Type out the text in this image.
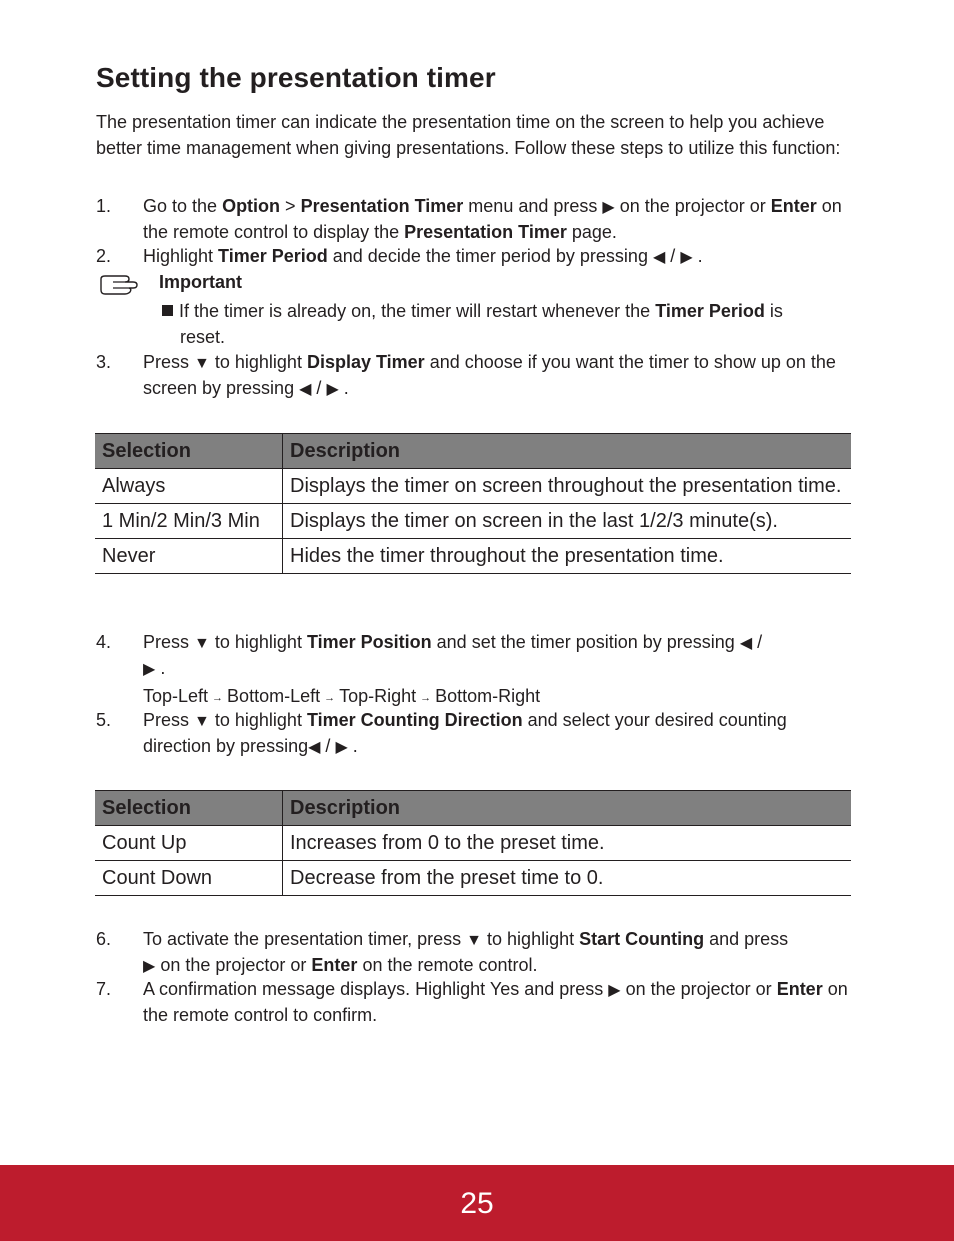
Setting the presentation timer

The presentation timer can indicate the presentation time on the screen to help you achieve better time management when giving presentations. Follow these steps to utilize this function:

1. Go to the Option > Presentation Timer menu and press ▶ on the projector or Enter on the remote control to display the Presentation Timer page.
2. Highlight Timer Period and decide the timer period by pressing ◀ / ▶ .
Important
If the timer is already on, the timer will restart whenever the Timer Period is
reset.
3. Press ▼ to highlight Display Timer and choose if you want the timer to show up on the screen by pressing ◀ / ▶ .
Selection	Description
Always	Displays the timer on screen throughout the presentation time.
1 Min/2 Min/3 Min	Displays the timer on screen in the last 1/2/3 minute(s).
Never	Hides the timer throughout the presentation time.
4. Press ▼ to highlight Timer Position and set the timer position by pressing ◀ /
▶ .
Top-Left → Bottom-Left → Top-Right → Bottom-Right
5. Press ▼ to highlight Timer Counting Direction and select your desired counting direction by pressing◀ / ▶ .
Selection	Description
Count Up	Increases from 0 to the preset time.
Count Down	Decrease from the preset time to 0.
6. To activate the presentation timer, press ▼ to highlight Start Counting and press
▶ on the projector or Enter on the remote control.
7. A confirmation message displays. Highlight Yes and press ▶ on the projector or Enter on the remote control to confirm.
25
